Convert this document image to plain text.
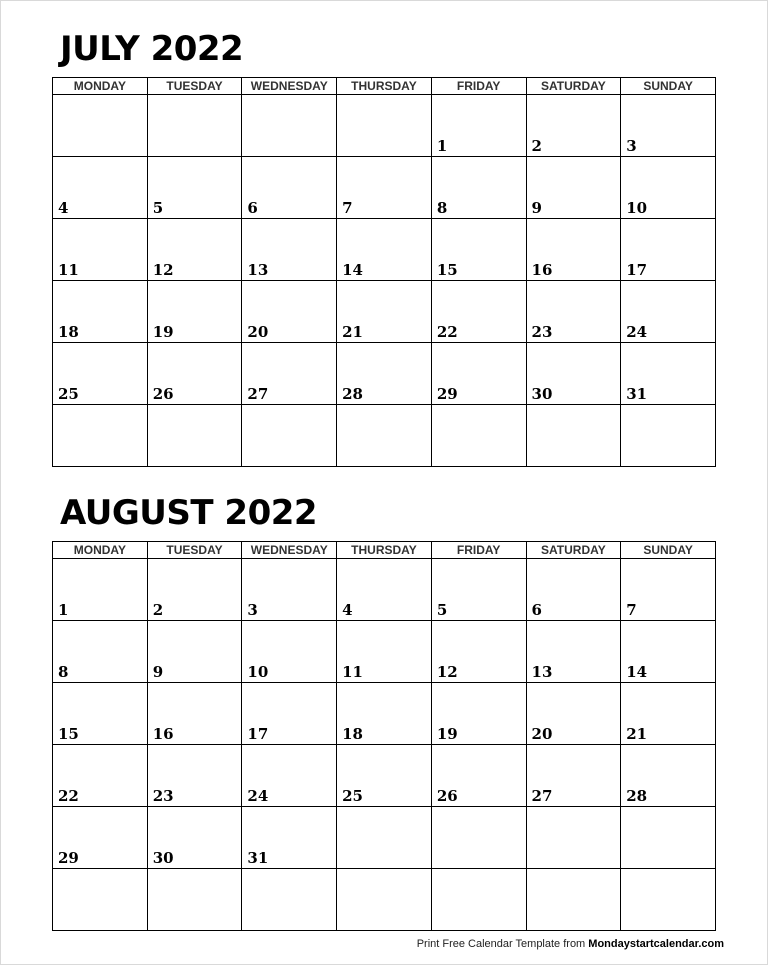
JULY 2022
MONDAY	TUESDAY	WEDNESDAY	THURSDAY	FRIDAY	SATURDAY	SUNDAY
				1	2	3
4	5	6	7	8	9	10
11	12	13	14	15	16	17
18	19	20	21	22	23	24
25	26	27	28	29	30	31

AUGUST 2022
MONDAY	TUESDAY	WEDNESDAY	THURSDAY	FRIDAY	SATURDAY	SUNDAY
1	2	3	4	5	6	7
8	9	10	11	12	13	14
15	16	17	18	19	20	21
22	23	24	25	26	27	28
29	30	31				

Print Free Calendar Template from Mondaystartcalendar.com
